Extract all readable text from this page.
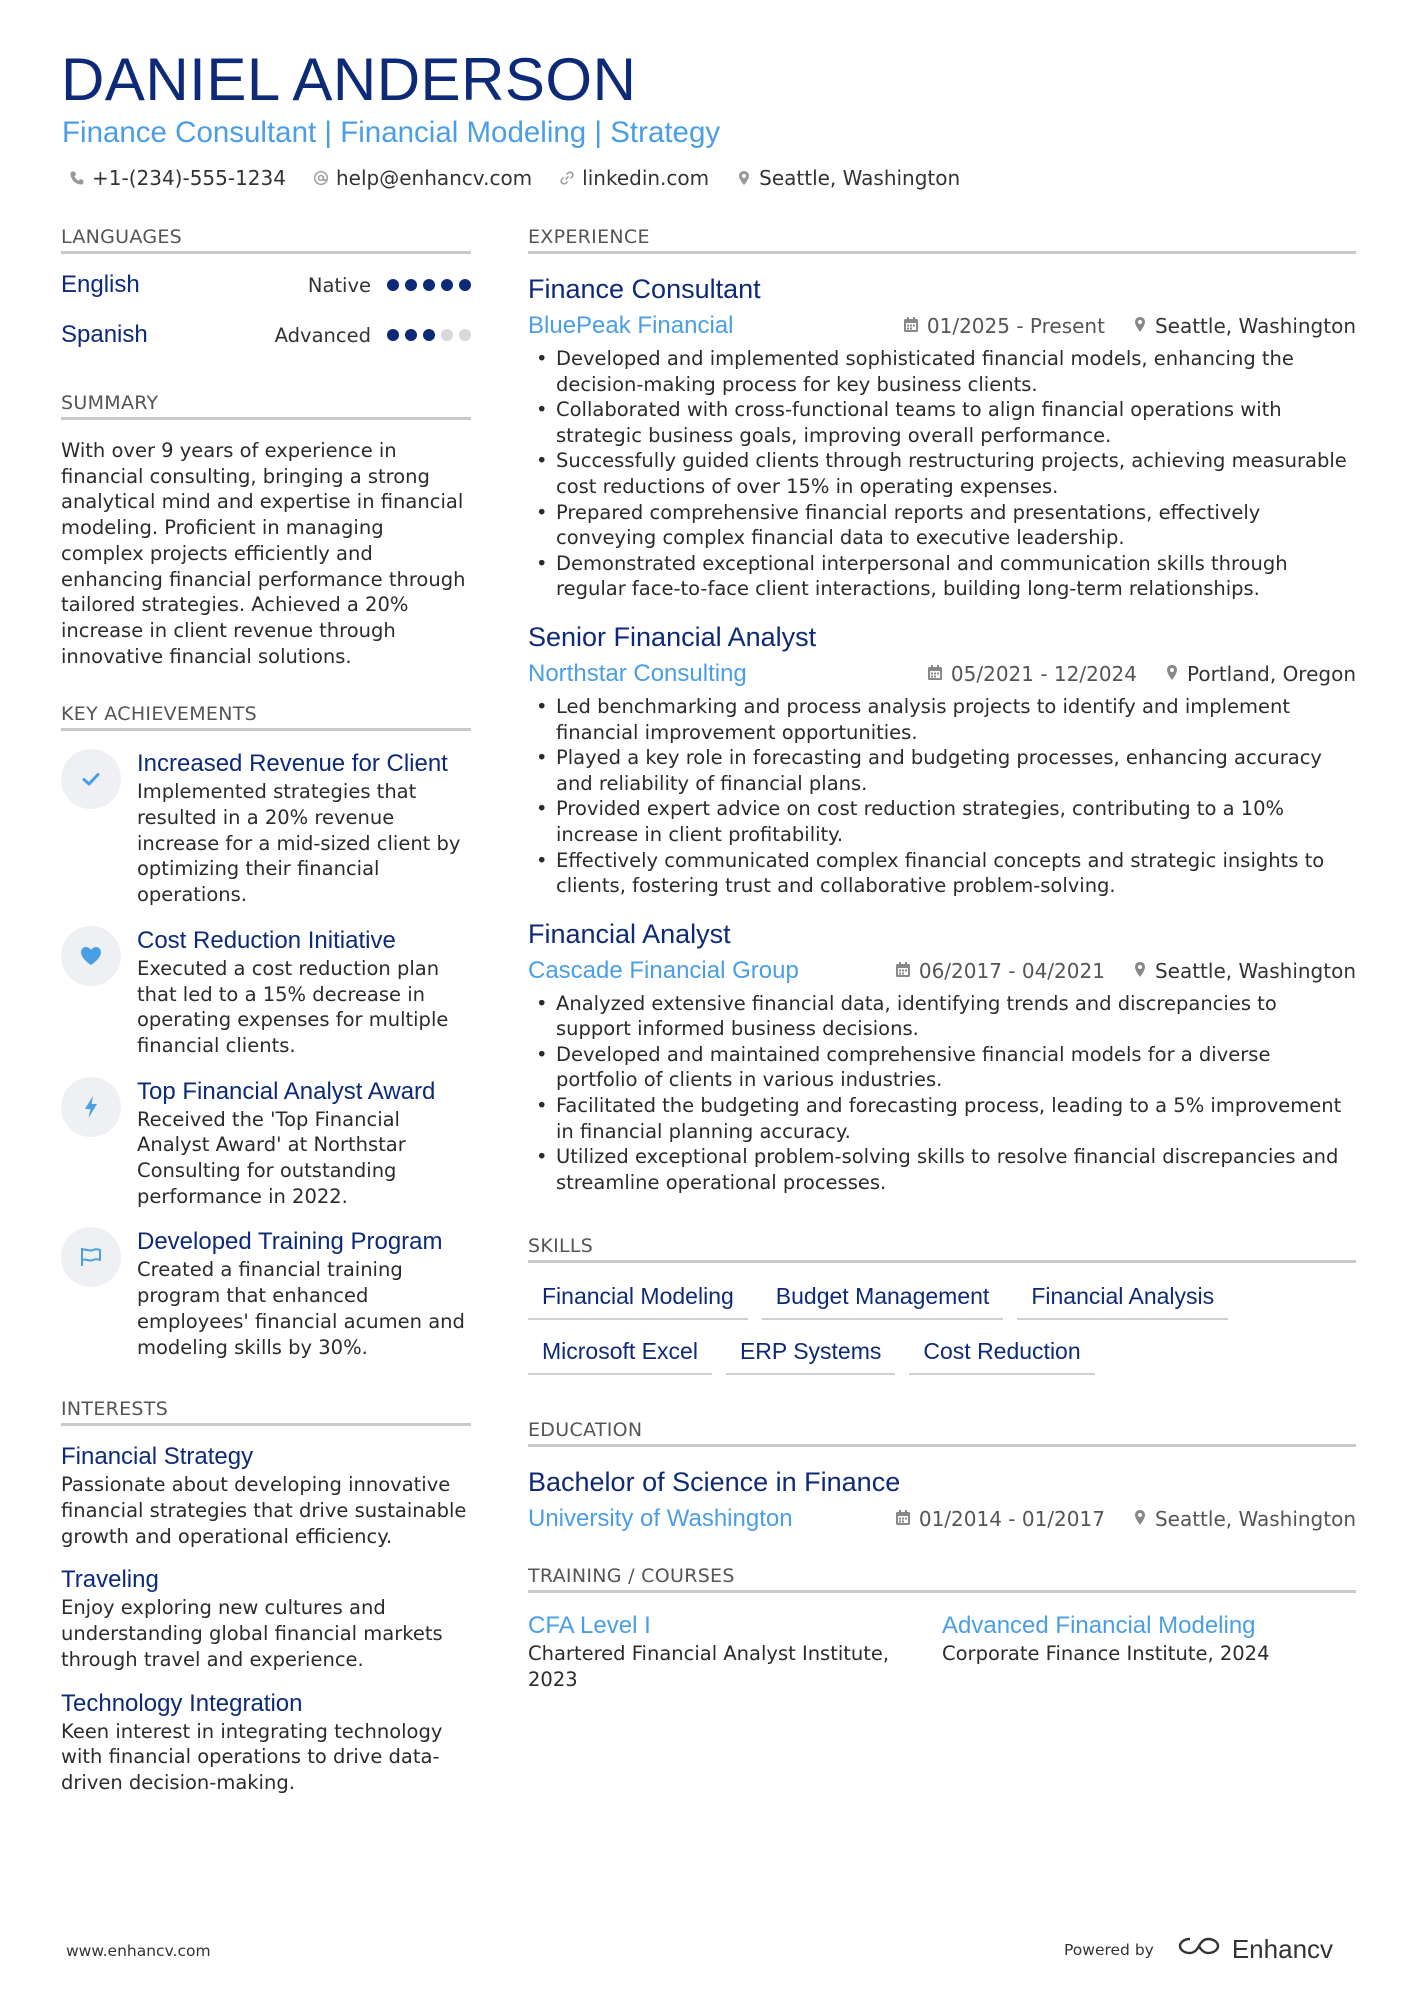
DANIEL ANDERSON
Finance Consultant | Financial Modeling | Strategy
+1-(234)-555-1234	help@enhancv.com	linkedin.com	Seattle, Washington
LANGUAGES
English	Native
Spanish	Advanced
SUMMARY

With over 9 years of experience in financial consulting, bringing a strong analytical mind and expertise in financial modeling. Proficient in managing complex projects efficiently and enhancing financial performance through tailored strategies. Achieved a 20% increase in client revenue through innovative financial solutions.

KEY ACHIEVEMENTS
Increased Revenue for Client
Implemented strategies that resulted in a 20% revenue increase for a mid-sized client by optimizing their financial operations.
Cost Reduction Initiative
Executed a cost reduction plan that led to a 15% decrease in operating expenses for multiple financial clients.
Top Financial Analyst Award
Received the 'Top Financial Analyst Award' at Northstar Consulting for outstanding performance in 2022.
Developed Training Program
Created a financial training program that enhanced employees' financial acumen and modeling skills by 30%.
INTERESTS
Financial Strategy
Passionate about developing innovative financial strategies that drive sustainable growth and operational efficiency.
Traveling
Enjoy exploring new cultures and understanding global financial markets through travel and experience.
Technology Integration
Keen interest in integrating technology with financial operations to drive data-driven decision-making.
EXPERIENCE
Finance Consultant
BluePeak Financial	01/2025 - Present	Seattle, Washington
• Developed and implemented sophisticated financial models, enhancing the decision-making process for key business clients.
• Collaborated with cross-functional teams to align financial operations with strategic business goals, improving overall performance.
• Successfully guided clients through restructuring projects, achieving measurable cost reductions of over 15% in operating expenses.
• Prepared comprehensive financial reports and presentations, effectively conveying complex financial data to executive leadership.
• Demonstrated exceptional interpersonal and communication skills through regular face-to-face client interactions, building long-term relationships.
Senior Financial Analyst
Northstar Consulting	05/2021 - 12/2024	Portland, Oregon
• Led benchmarking and process analysis projects to identify and implement financial improvement opportunities.
• Played a key role in forecasting and budgeting processes, enhancing accuracy and reliability of financial plans.
• Provided expert advice on cost reduction strategies, contributing to a 10% increase in client profitability.
• Effectively communicated complex financial concepts and strategic insights to clients, fostering trust and collaborative problem-solving.
Financial Analyst
Cascade Financial Group	06/2017 - 04/2021	Seattle, Washington
• Analyzed extensive financial data, identifying trends and discrepancies to support informed business decisions.
• Developed and maintained comprehensive financial models for a diverse portfolio of clients in various industries.
• Facilitated the budgeting and forecasting process, leading to a 5% improvement in financial planning accuracy.
• Utilized exceptional problem-solving skills to resolve financial discrepancies and streamline operational processes.
SKILLS
Financial Modeling	Budget Management	Financial Analysis
Microsoft Excel	ERP Systems	Cost Reduction
EDUCATION
Bachelor of Science in Finance
University of Washington	01/2014 - 01/2017	Seattle, Washington
TRAINING / COURSES
CFA Level I
Chartered Financial Analyst Institute, 2023
Advanced Financial Modeling
Corporate Finance Institute, 2024
www.enhancv.com	Powered by	Enhancv
